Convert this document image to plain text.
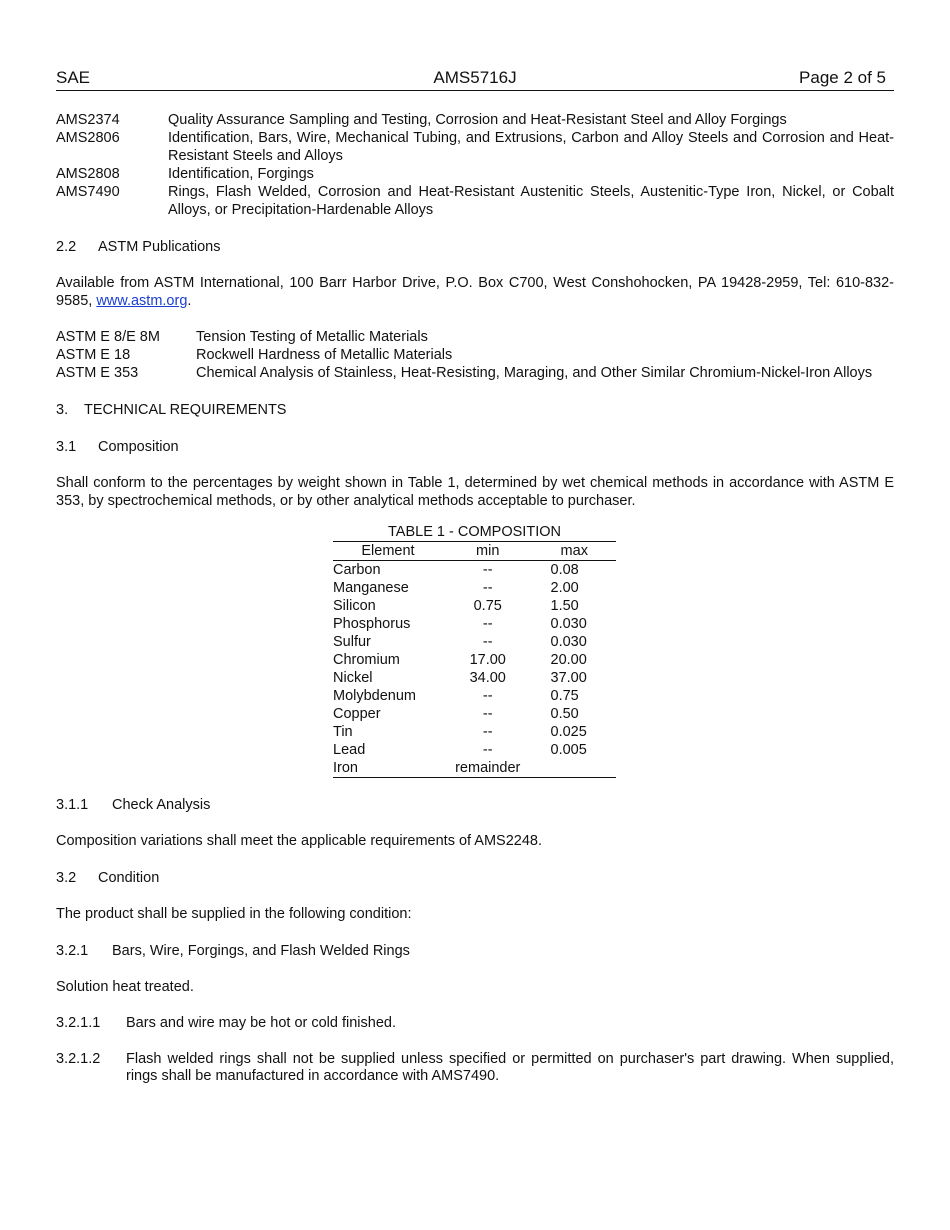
SAE	AMS5716J	Page 2 of 5
AMS2374	Quality Assurance Sampling and Testing, Corrosion and Heat-Resistant Steel and Alloy Forgings
AMS2806	Identification, Bars, Wire, Mechanical Tubing, and Extrusions, Carbon and Alloy Steels and Corrosion and Heat-Resistant Steels and Alloys
AMS2808	Identification, Forgings
AMS7490	Rings, Flash Welded, Corrosion and Heat-Resistant Austenitic Steels, Austenitic-Type Iron, Nickel, or Cobalt Alloys, or Precipitation-Hardenable Alloys
2.2 ASTM Publications
Available from ASTM International, 100 Barr Harbor Drive, P.O. Box C700, West Conshohocken, PA 19428-2959, Tel: 610-832-9585, www.astm.org.
ASTM E 8/E 8M	Tension Testing of Metallic Materials
ASTM E 18	Rockwell Hardness of Metallic Materials
ASTM E 353	Chemical Analysis of Stainless, Heat-Resisting, Maraging, and Other Similar Chromium-Nickel-Iron Alloys
3. TECHNICAL REQUIREMENTS
3.1 Composition
Shall conform to the percentages by weight shown in Table 1, determined by wet chemical methods in accordance with ASTM E 353, by spectrochemical methods, or by other analytical methods acceptable to purchaser.
TABLE 1 - COMPOSITION
Element	min	max
Carbon	--	0.08
Manganese	--	2.00
Silicon	0.75	1.50
Phosphorus	--	0.030
Sulfur	--	0.030
Chromium	17.00	20.00
Nickel	34.00	37.00
Molybdenum	--	0.75
Copper	--	0.50
Tin	--	0.025
Lead	--	0.005
Iron	remainder	
3.1.1 Check Analysis
Composition variations shall meet the applicable requirements of AMS2248.
3.2 Condition
The product shall be supplied in the following condition:
3.2.1 Bars, Wire, Forgings, and Flash Welded Rings
Solution heat treated.
3.2.1.1	Bars and wire may be hot or cold finished.
3.2.1.2	Flash welded rings shall not be supplied unless specified or permitted on purchaser's part drawing. When supplied, rings shall be manufactured in accordance with AMS7490.
